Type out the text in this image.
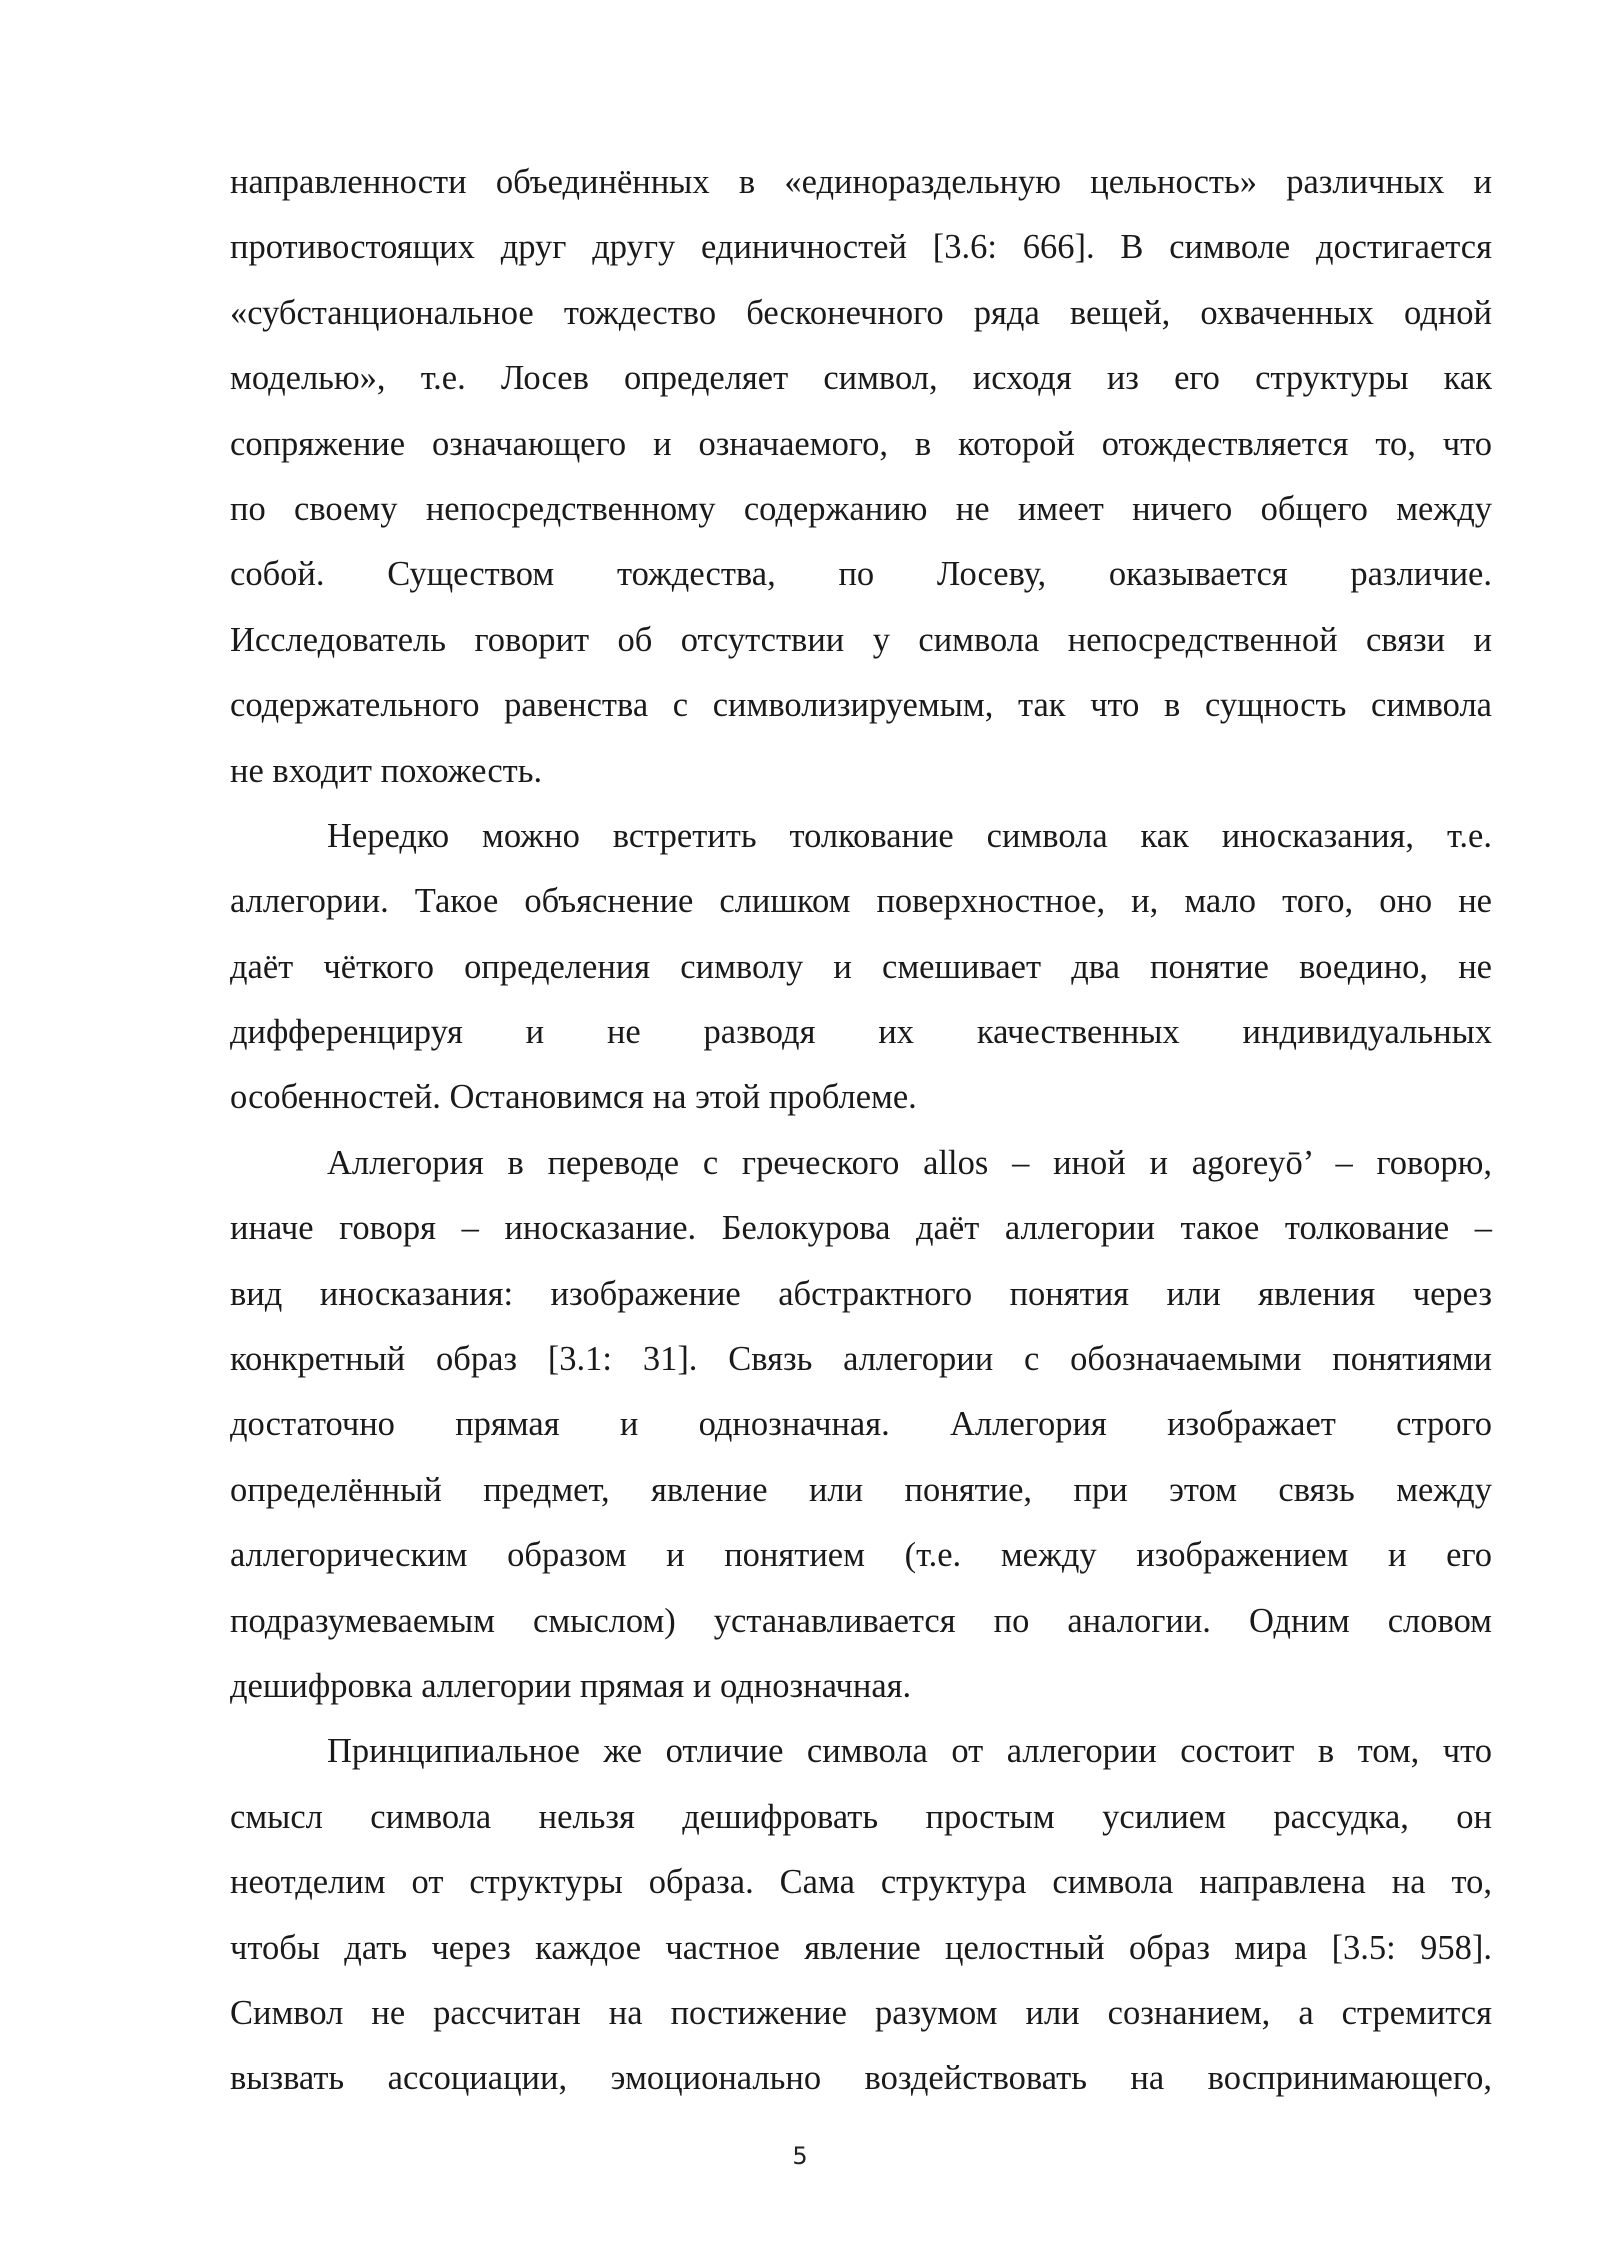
направленности объединённых в «единораздельную цельность» различных и
противостоящих друг другу единичностей [3.6: 666]. В символе достигается
«субстанциональное тождество бесконечного ряда вещей, охваченных одной
моделью», т.е. Лосев определяет символ, исходя из его структуры как
сопряжение означающего и означаемого, в которой отождествляется то, что
по своему непосредственному содержанию не имеет ничего общего между
собой. Существом тождества, по Лосеву, оказывается различие.
Исследователь говорит об отсутствии у символа непосредственной связи и
содержательного равенства с символизируемым, так что в сущность символа
не входит похожесть.
Нередко можно встретить толкование символа как иносказания, т.е.
аллегории. Такое объяснение слишком поверхностное, и, мало того, оно не
даёт чёткого определения символу и смешивает два понятие воедино, не
дифференцируя и не разводя их качественных индивидуальных
особенностей. Остановимся на этой проблеме.
Аллегория в переводе с греческого allos – иной и agoreyō’ – говорю,
иначе говоря – иносказание. Белокурова даёт аллегории такое толкование –
вид иносказания: изображение абстрактного понятия или явления через
конкретный образ [3.1: 31]. Связь аллегории с обозначаемыми понятиями
достаточно прямая и однозначная. Аллегория изображает строго
определённый предмет, явление или понятие, при этом связь между
аллегорическим образом и понятием (т.е. между изображением и его
подразумеваемым смыслом) устанавливается по аналогии. Одним словом
дешифровка аллегории прямая и однозначная.
Принципиальное же отличие символа от аллегории состоит в том, что
смысл символа нельзя дешифровать простым усилием рассудка, он
неотделим от структуры образа. Сама структура символа направлена на то,
чтобы дать через каждое частное явление целостный образ мира [3.5: 958].
Символ не рассчитан на постижение разумом или сознанием, а стремится
вызвать ассоциации, эмоционально воздействовать на воспринимающего,
5
